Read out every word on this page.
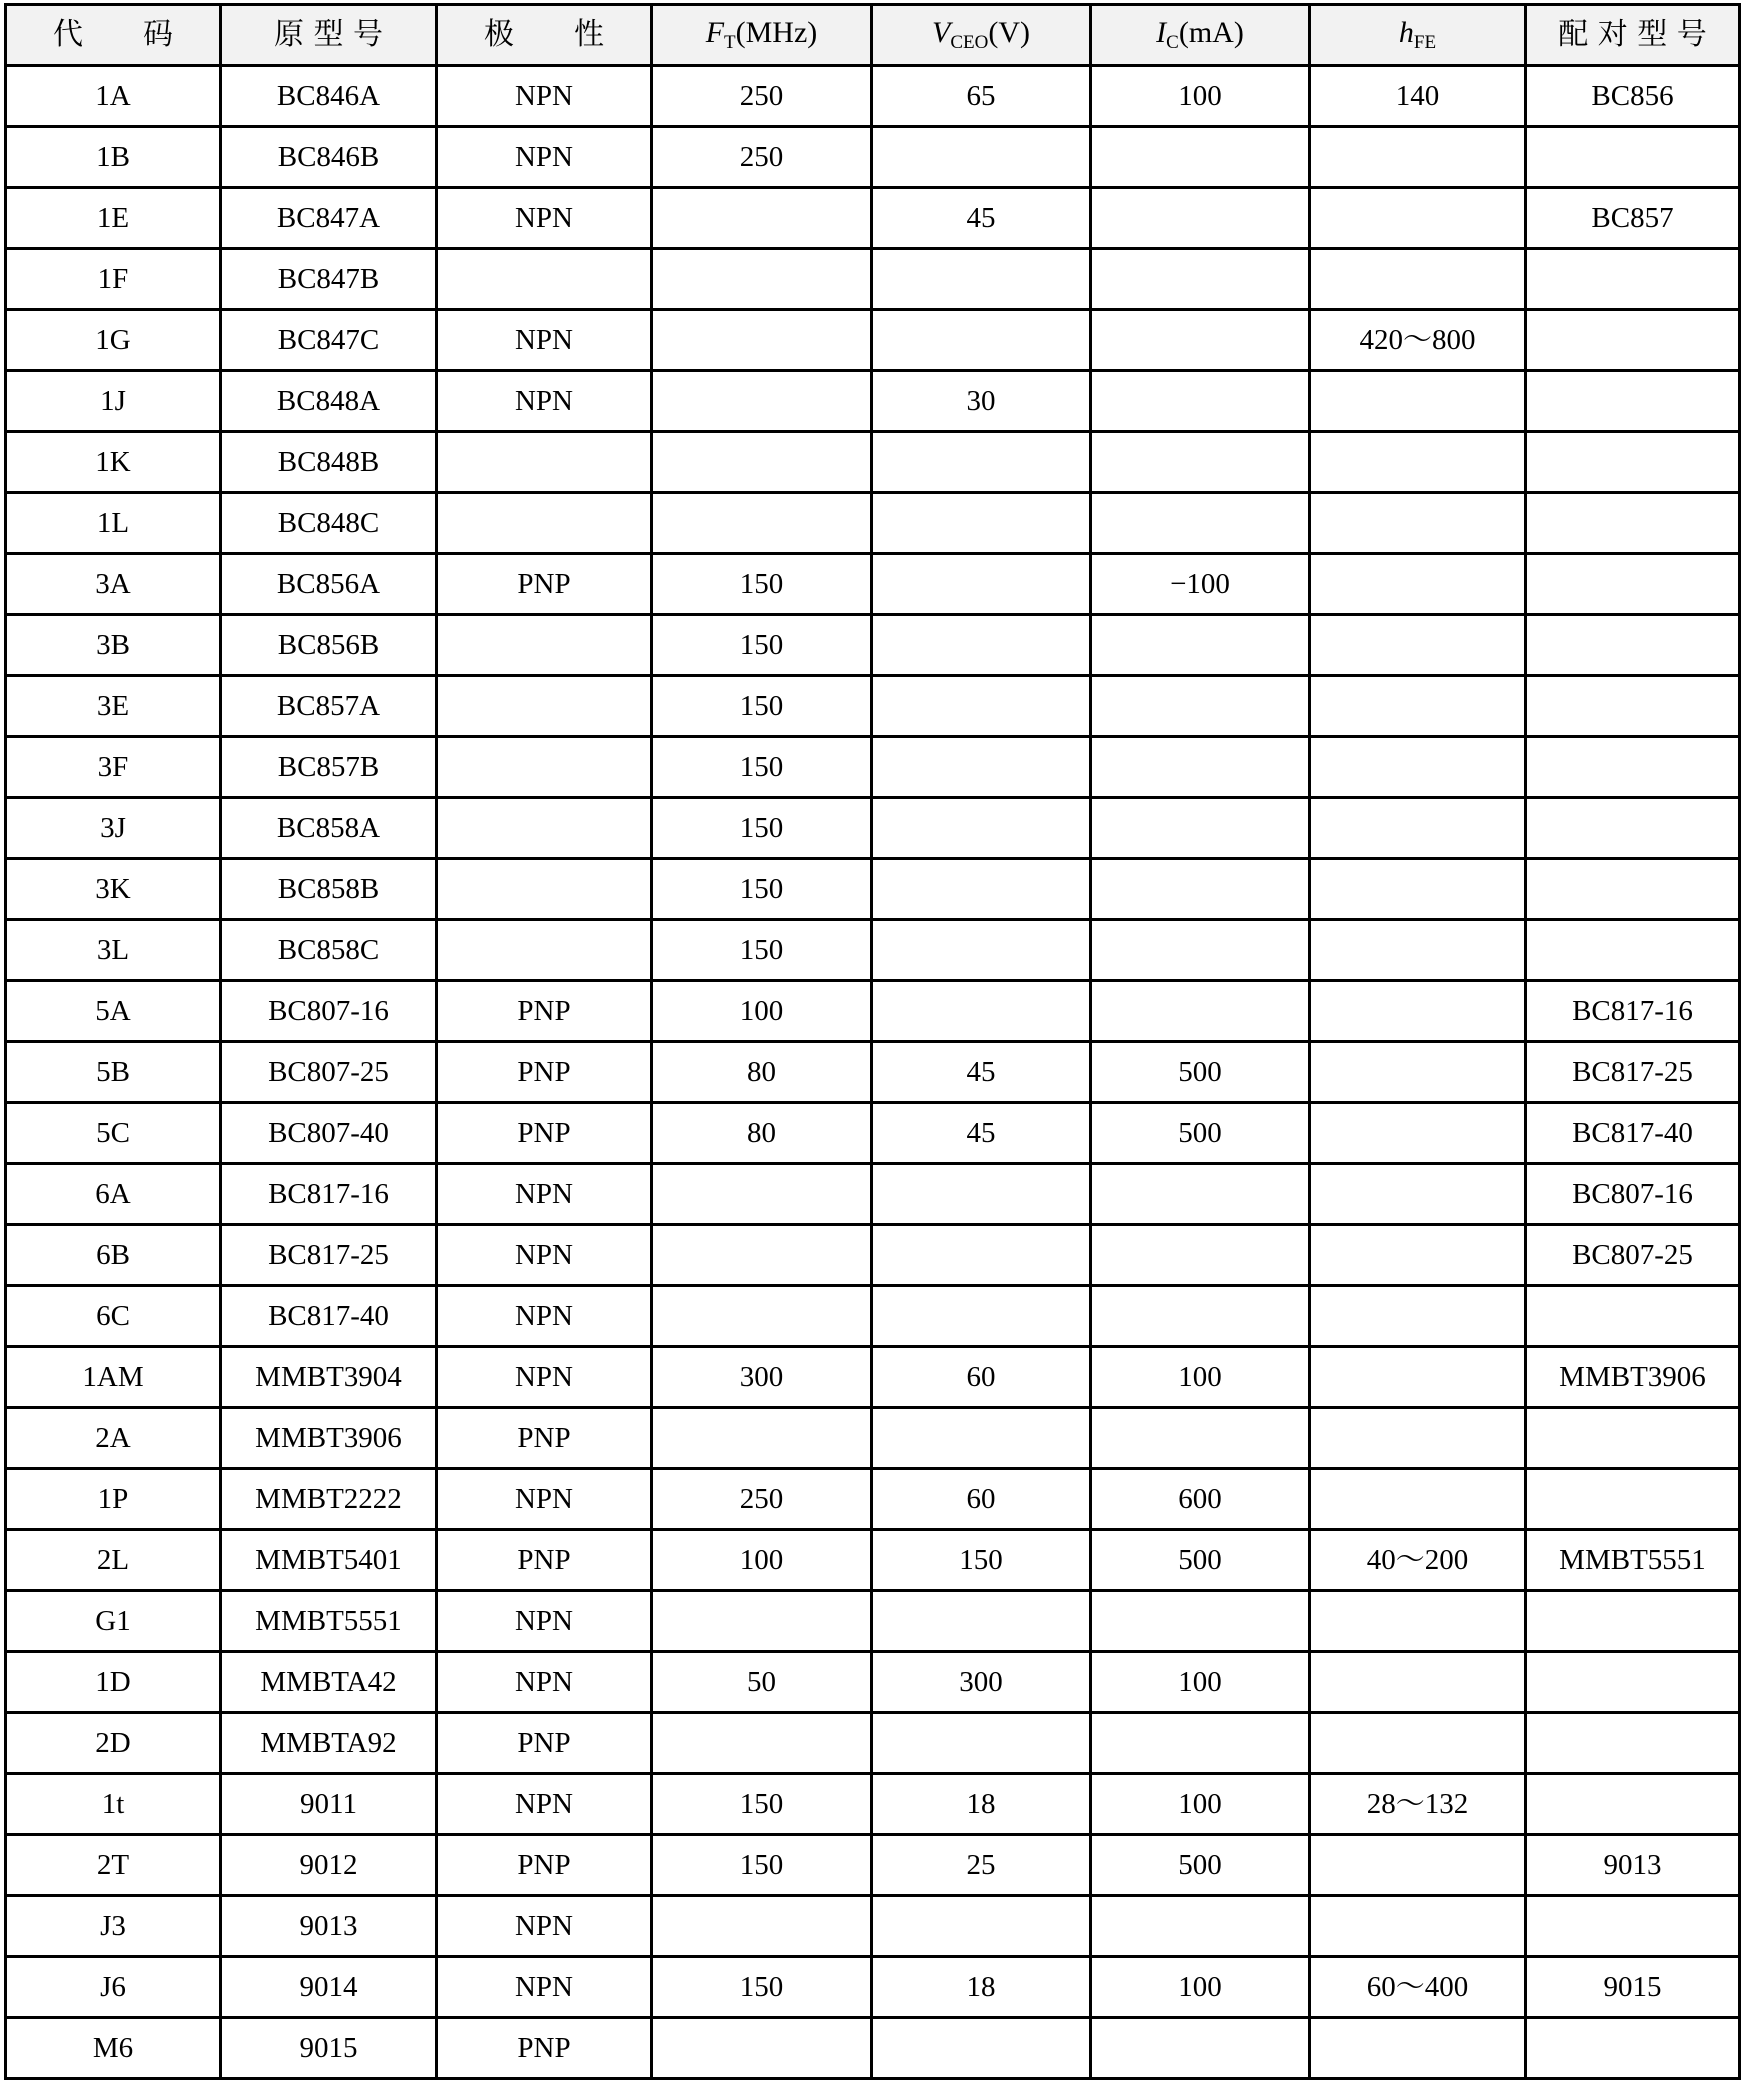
代　　码	原 型 号	极　　性	$F_T(MHz)$	$V_{CEO}(V)$	$I_C(mA)$	$h_{FE}$	配 对 型 号
1A	BC846A	NPN	250	65	100	140	BC856
1B	BC846B	NPN	250				
1E	BC847A	NPN		45			BC857
1F	BC847B						
1G	BC847C	NPN				420～800	
1J	BC848A	NPN		30			
1K	BC848B						
1L	BC848C						
3A	BC856A	PNP	150		−100		
3B	BC856B		150				
3E	BC857A		150				
3F	BC857B		150				
3J	BC858A		150				
3K	BC858B		150				
3L	BC858C		150				
5A	BC807-16	PNP	100				BC817-16
5B	BC807-25	PNP	80	45	500		BC817-25
5C	BC807-40	PNP	80	45	500		BC817-40
6A	BC817-16	NPN					BC807-16
6B	BC817-25	NPN					BC807-25
6C	BC817-40	NPN					
1AM	MMBT3904	NPN	300	60	100		MMBT3906
2A	MMBT3906	PNP					
1P	MMBT2222	NPN	250	60	600		
2L	MMBT5401	PNP	100	150	500	40～200	MMBT5551
G1	MMBT5551	NPN					
1D	MMBTA42	NPN	50	300	100		
2D	MMBTA92	PNP					
1t	9011	NPN	150	18	100	28～132	
2T	9012	PNP	150	25	500		9013
J3	9013	NPN					
J6	9014	NPN	150	18	100	60～400	9015
M6	9015	PNP					
